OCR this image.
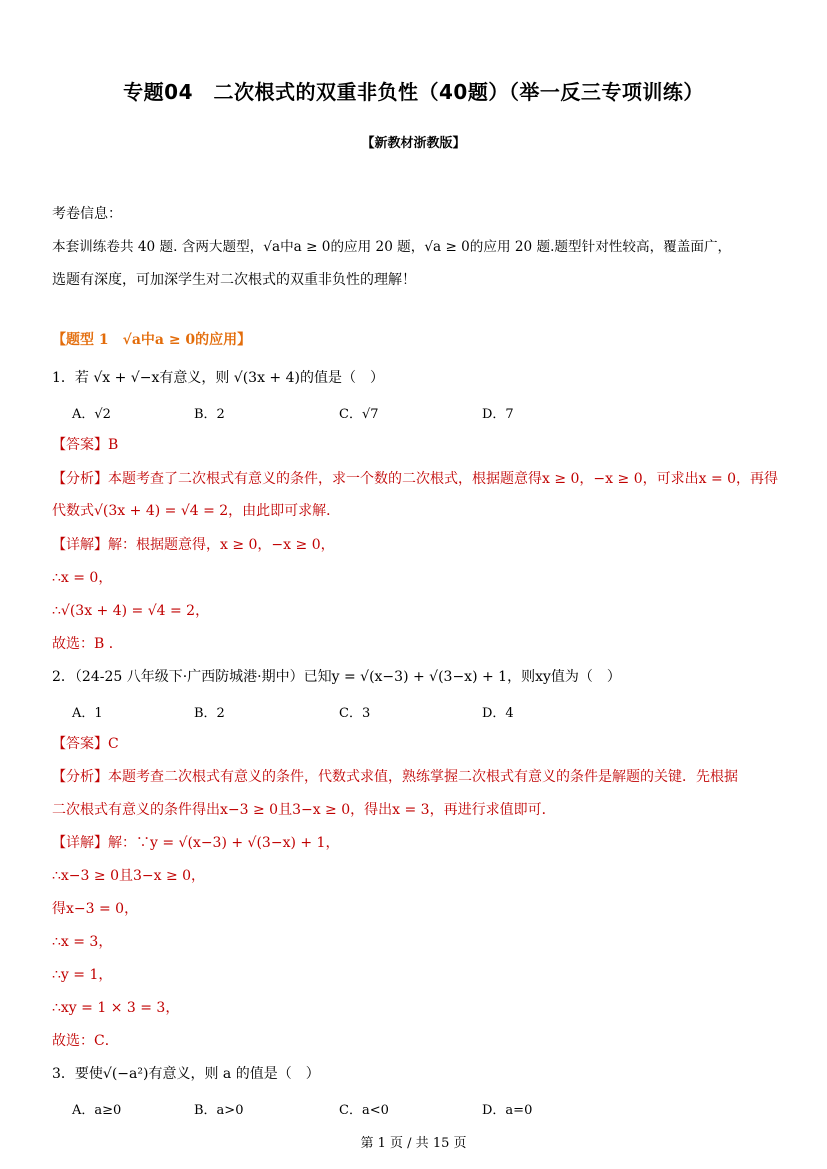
专题04　二次根式的双重非负性（40题）（举一反三专项训练）
【新教材浙教版】
考卷信息：
本套训练卷共 40 题. 含两大题型，√a中a ≥ 0的应用 20 题，√a ≥ 0的应用 20 题.题型针对性较高，覆盖面广，
选题有深度，可加深学生对二次根式的双重非负性的理解！
【题型 1　√a中a ≥ 0的应用】
1．若 √x + √−x有意义，则 √(3x + 4)的值是（　）
A．√2	B．2	C．√7	D．7
【答案】B
【分析】本题考查了二次根式有意义的条件，求一个数的二次根式，根据题意得x ≥ 0，−x ≥ 0，可求出x = 0，再得
代数式√(3x + 4) = √4 = 2，由此即可求解．
【详解】解：根据题意得，x ≥ 0，−x ≥ 0，
∴x = 0，
∴√(3x + 4) = √4 = 2，
故选：B ．
2．（24-25 八年级下·广西防城港·期中）已知y = √(x−3) + √(3−x) + 1，则xy值为（　）
A．1	B．2	C．3	D．4
【答案】C
【分析】本题考查二次根式有意义的条件，代数式求值，熟练掌握二次根式有意义的条件是解题的关键．先根据
二次根式有意义的条件得出x−3 ≥ 0且3−x ≥ 0，得出x = 3，再进行求值即可．
【详解】解：∵y = √(x−3) + √(3−x) + 1，
∴x−3 ≥ 0且3−x ≥ 0，
得x−3 = 0，
∴x = 3，
∴y = 1，
∴xy = 1 × 3 = 3，
故选：C．
3．要使√(−a²)有意义，则 a 的值是（　）
A．a≥0	B．a>0	C．a<0	D．a=0
第 1 页 / 共 15 页
